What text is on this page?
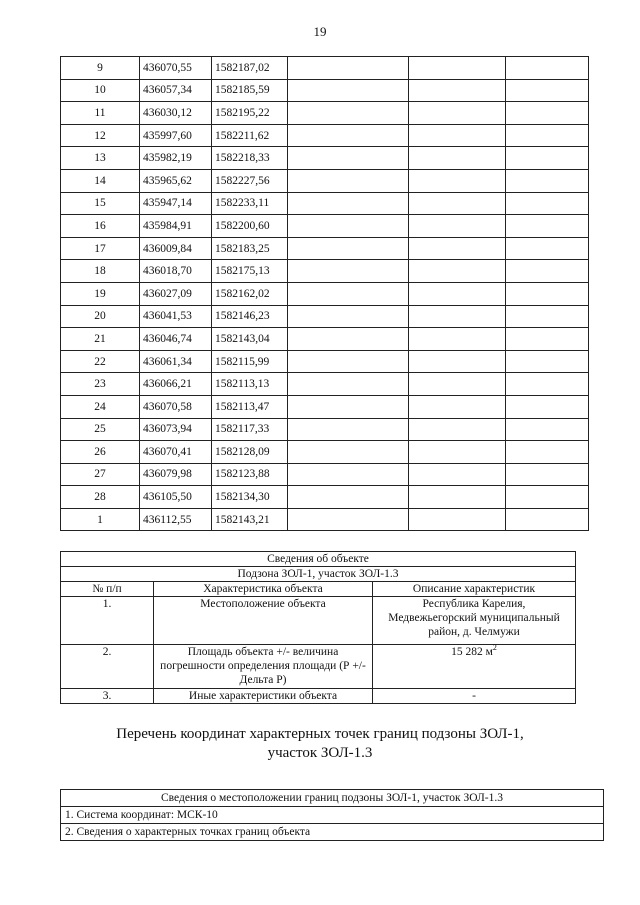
19
9	436070,55	1582187,02			
10	436057,34	1582185,59			
11	436030,12	1582195,22			
12	435997,60	1582211,62			
13	435982,19	1582218,33			
14	435965,62	1582227,56			
15	435947,14	1582233,11			
16	435984,91	1582200,60			
17	436009,84	1582183,25			
18	436018,70	1582175,13			
19	436027,09	1582162,02			
20	436041,53	1582146,23			
21	436046,74	1582143,04			
22	436061,34	1582115,99			
23	436066,21	1582113,13			
24	436070,58	1582113,47			
25	436073,94	1582117,33			
26	436070,41	1582128,09			
27	436079,98	1582123,88			
28	436105,50	1582134,30			
1	436112,55	1582143,21			
Сведения об объекте		
Подзона ЗОЛ-1, участок ЗОЛ-1.3		
№ п/п	Характеристика объекта	Описание характеристик
1.	Местоположение объекта	Республика Карелия, Медвежьегорский муниципальный район, д. Челмужи
2.	Площадь объекта +/- величина погрешности определения площади (Р +/- Дельта Р)	15 282 $м^2$
3.	Иные характеристики объекта	-
Перечень координат характерных точек границ подзоны ЗОЛ-1,
участок ЗОЛ-1.3
Сведения о местоположении границ подзоны ЗОЛ-1, участок ЗОЛ-1.3
1. Система координат: МСК-10
2. Сведения о характерных точках границ объекта
